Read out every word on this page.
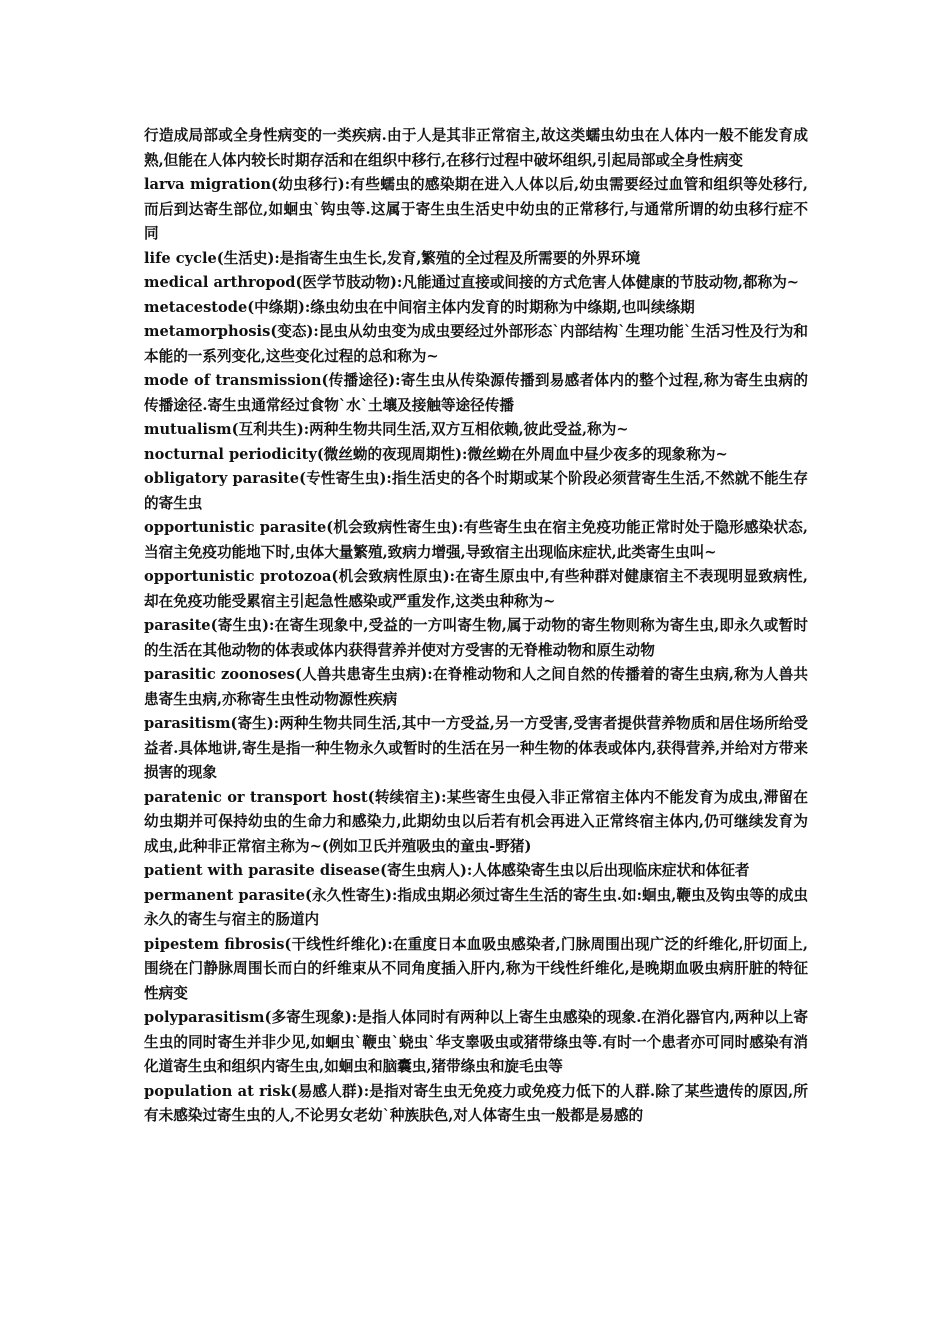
行造成局部或全身性病变的一类疾病.由于人是其非正常宿主,故这类蠕虫幼虫在人体内一般不能发育成熟,但能在人体内较长时期存活和在组织中移行,在移行过程中破坏组织,引起局部或全身性病变

larva migration(幼虫移行):有些蠕虫的感染期在进入人体以后,幼虫需要经过血管和组织等处移行,而后到达寄生部位,如蛔虫`钩虫等.这属于寄生虫生活史中幼虫的正常移行,与通常所谓的幼虫移行症不同

life cycle(生活史):是指寄生虫生长,发育,繁殖的全过程及所需要的外界环境

medical arthropod(医学节肢动物):凡能通过直接或间接的方式危害人体健康的节肢动物,都称为~

metacestode(中绦期):绦虫幼虫在中间宿主体内发育的时期称为中绦期,也叫续绦期

metamorphosis(变态):昆虫从幼虫变为成虫要经过外部形态`内部结构`生理功能`生活习性及行为和本能的一系列变化,这些变化过程的总和称为~

mode of transmission(传播途径):寄生虫从传染源传播到易感者体内的整个过程,称为寄生虫病的传播途径.寄生虫通常经过食物`水`土壤及接触等途径传播

mutualism(互利共生):两种生物共同生活,双方互相依赖,彼此受益,称为~

nocturnal periodicity(微丝蚴的夜现周期性):微丝蚴在外周血中昼少夜多的现象称为~

obligatory parasite(专性寄生虫):指生活史的各个时期或某个阶段必须营寄生生活,不然就不能生存的寄生虫

opportunistic parasite(机会致病性寄生虫):有些寄生虫在宿主免疫功能正常时处于隐形感染状态,当宿主免疫功能地下时,虫体大量繁殖,致病力增强,导致宿主出现临床症状,此类寄生虫叫~

opportunistic protozoa(机会致病性原虫):在寄生原虫中,有些种群对健康宿主不表现明显致病性,却在免疫功能受累宿主引起急性感染或严重发作,这类虫种称为~

parasite(寄生虫):在寄生现象中,受益的一方叫寄生物,属于动物的寄生物则称为寄生虫,即永久或暂时的生活在其他动物的体表或体内获得营养并使对方受害的无脊椎动物和原生动物

parasitic zoonoses(人兽共患寄生虫病):在脊椎动物和人之间自然的传播着的寄生虫病,称为人兽共患寄生虫病,亦称寄生虫性动物源性疾病

parasitism(寄生):两种生物共同生活,其中一方受益,另一方受害,受害者提供营养物质和居住场所给受益者.具体地讲,寄生是指一种生物永久或暂时的生活在另一种生物的体表或体内,获得营养,并给对方带来损害的现象

paratenic or transport host(转续宿主):某些寄生虫侵入非正常宿主体内不能发育为成虫,滞留在幼虫期并可保持幼虫的生命力和感染力,此期幼虫以后若有机会再进入正常终宿主体内,仍可继续发育为成虫,此种非正常宿主称为~(例如卫氏并殖吸虫的童虫-野猪)

patient with parasite disease(寄生虫病人):人体感染寄生虫以后出现临床症状和体征者

permanent parasite(永久性寄生):指成虫期必须过寄生生活的寄生虫.如:蛔虫,鞭虫及钩虫等的成虫永久的寄生与宿主的肠道内

pipestem fibrosis(干线性纤维化):在重度日本血吸虫感染者,门脉周围出现广泛的纤维化,肝切面上,围绕在门静脉周围长而白的纤维束从不同角度插入肝内,称为干线性纤维化,是晚期血吸虫病肝脏的特征性病变

polyparasitism(多寄生现象):是指人体同时有两种以上寄生虫感染的现象.在消化器官内,两种以上寄生虫的同时寄生并非少见,如蛔虫`鞭虫`蛲虫`华支睾吸虫或猪带绦虫等.有时一个患者亦可同时感染有消化道寄生虫和组织内寄生虫,如蛔虫和脑囊虫,猪带绦虫和旋毛虫等

population at risk(易感人群):是指对寄生虫无免疫力或免疫力低下的人群.除了某些遗传的原因,所有未感染过寄生虫的人,不论男女老幼`种族肤色,对人体寄生虫一般都是易感的
